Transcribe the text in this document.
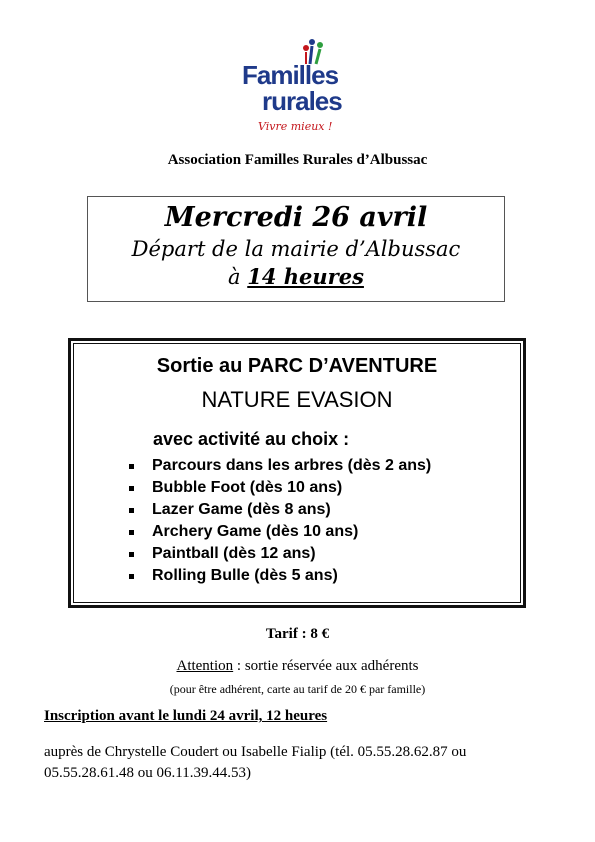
Familles
rurales
Vivre mieux !
Association Familles Rurales d’Albussac
Mercredi 26 avril
Départ de la mairie d’Albussac
à 14 heures
Sortie au PARC D’AVENTURE
NATURE EVASION
avec activité au choix :
Parcours dans les arbres (dès 2 ans)
Bubble Foot (dès 10 ans)
Lazer Game (dès 8 ans)
Archery Game (dès 10 ans)
Paintball (dès 12 ans)
Rolling Bulle (dès 5 ans)
Tarif : 8 €
Attention : sortie réservée aux adhérents
(pour être adhérent, carte au tarif de 20 € par famille)
Inscription avant le lundi 24 avril, 12 heures
auprès de Chrystelle Coudert ou Isabelle Fialip (tél. 05.55.28.62.87 ou 05.55.28.61.48 ou 06.11.39.44.53)
